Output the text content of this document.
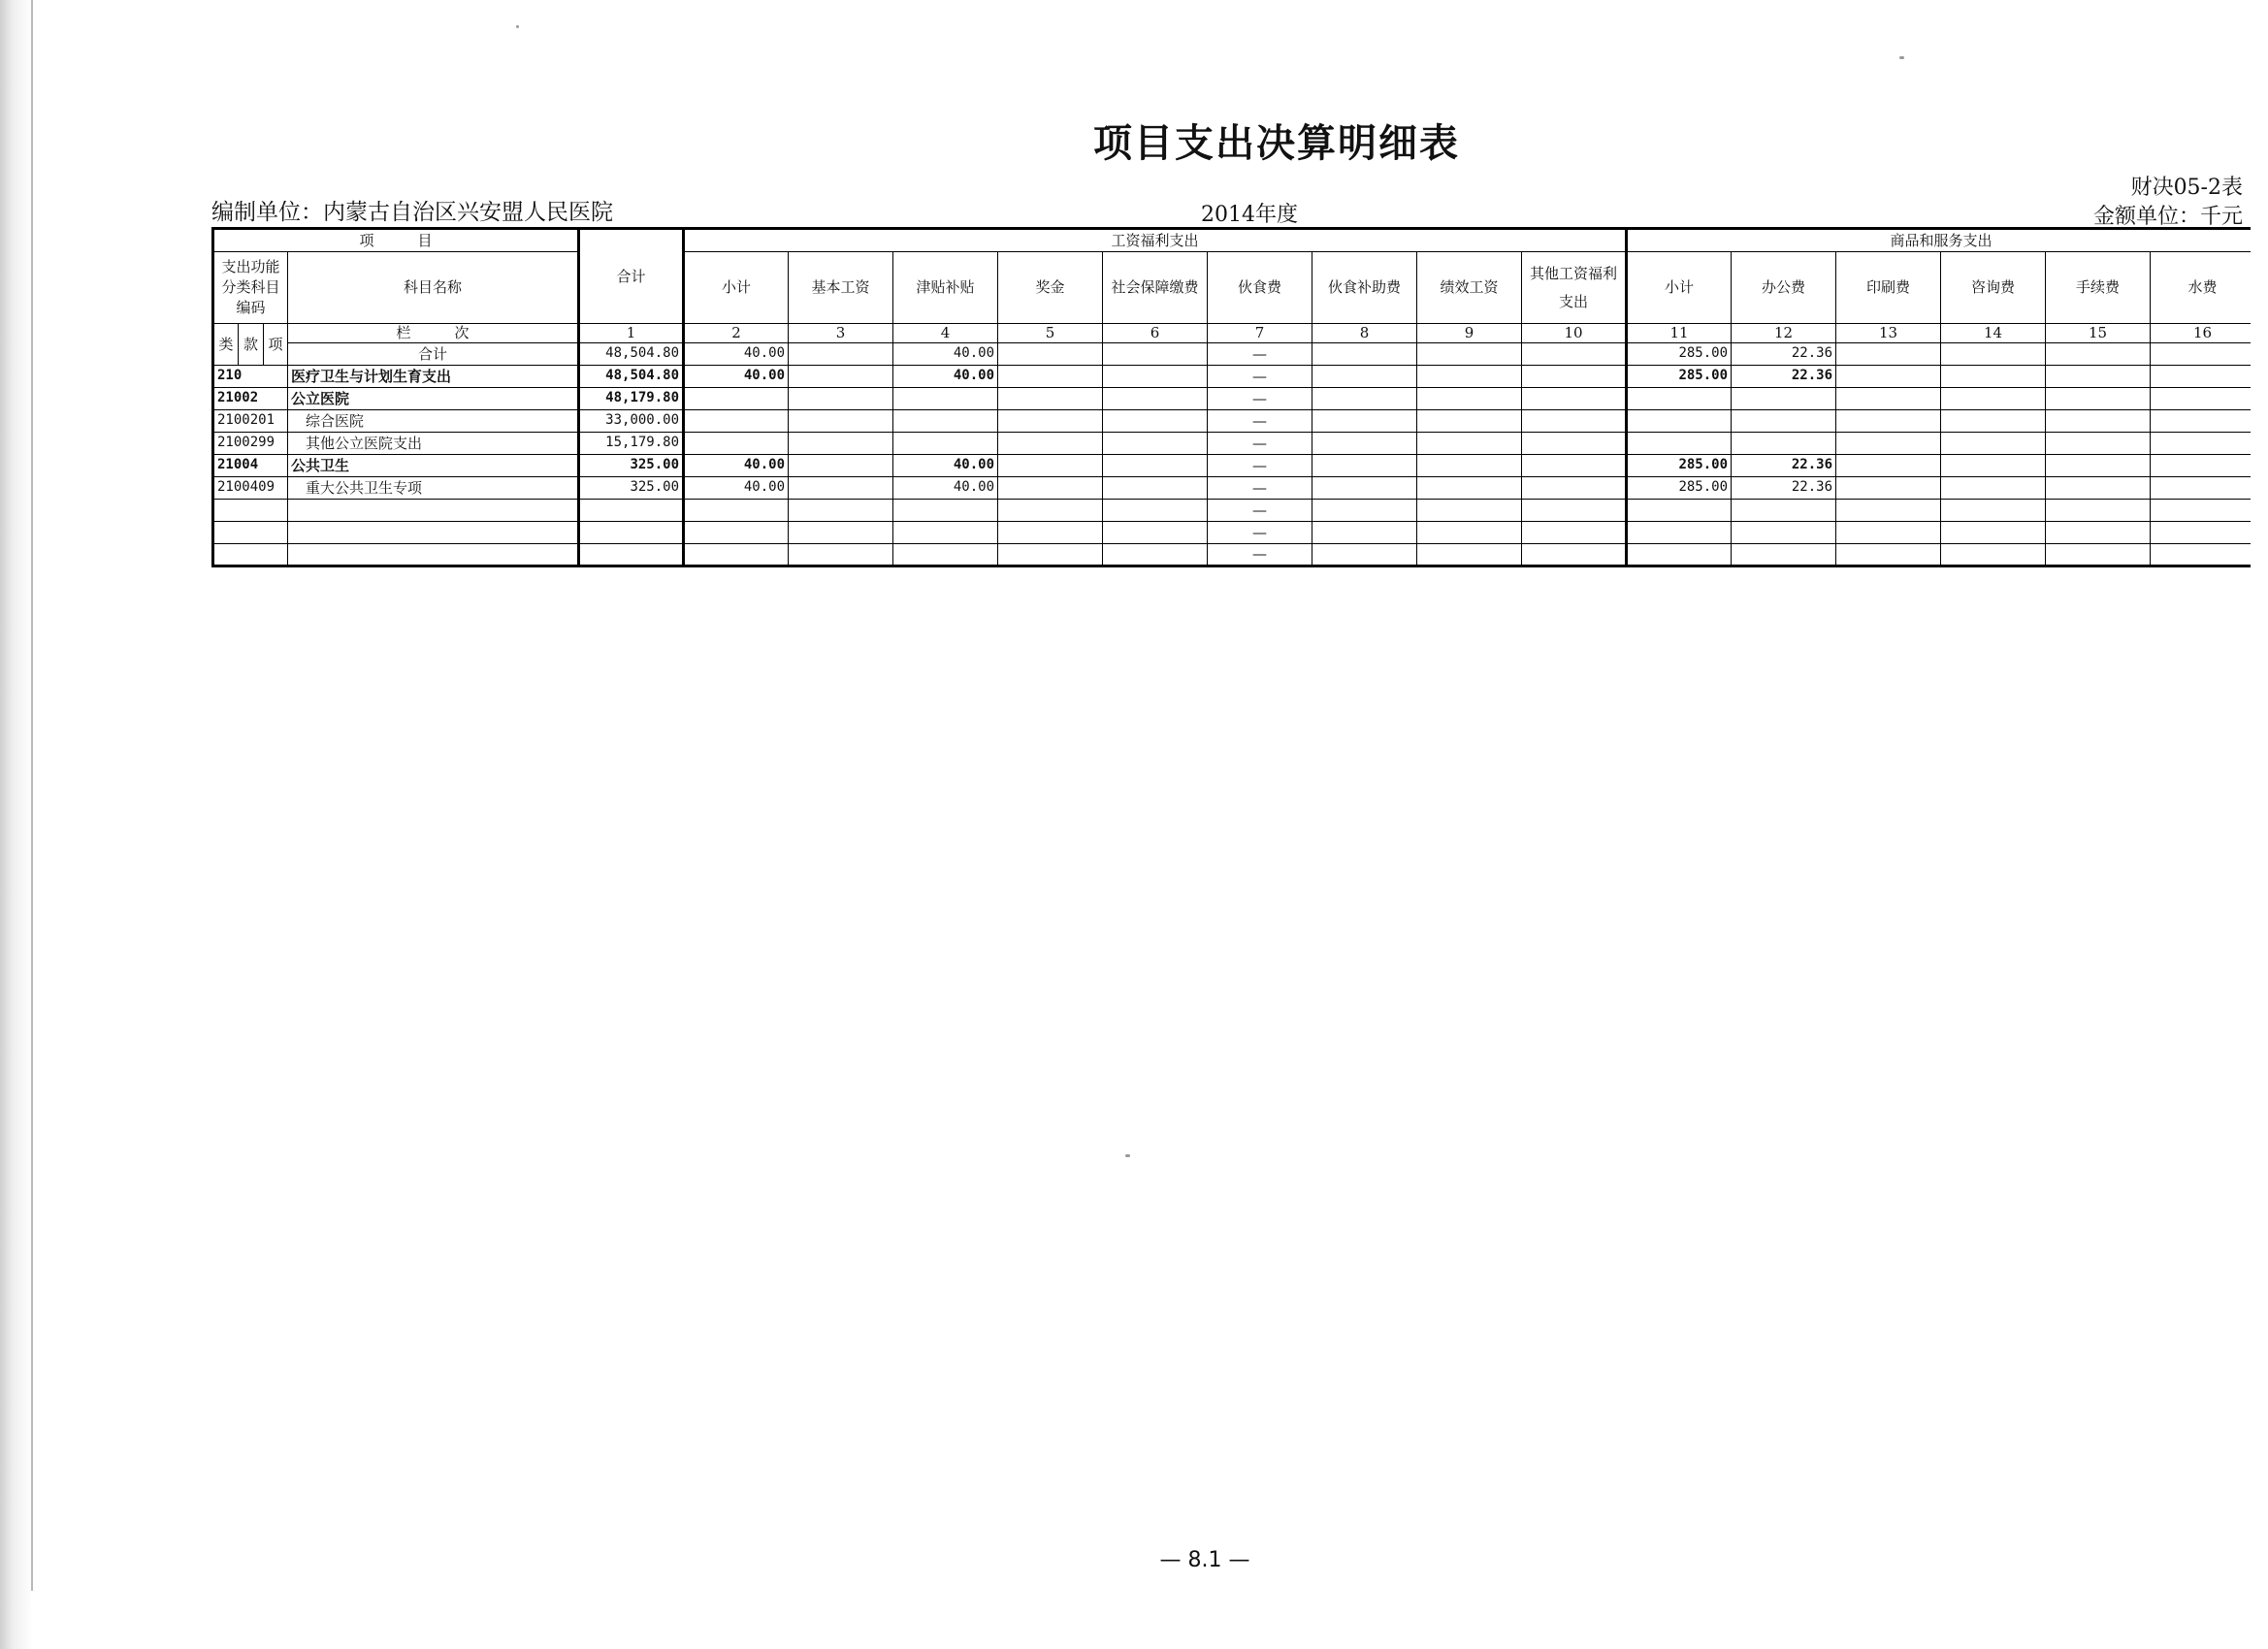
项目支出决算明细表
编制单位：内蒙古自治区兴安盟人民医院	2014年度
财决05-2表
金额单位：千元
项　　　目				合计	工资福利支出									商品和服务支出					
支出功能分类科目编码			科目名称		小计	基本工资	津贴补贴	奖金	社会保障缴费	伙食费	伙食补助费	绩效工资	其他工资福利支出	小计	办公费	印刷费	咨询费	手续费	水费

类	款	项	栏　　　次	1	2	3	4	5	6	7	8	9	10	11	12	13	14	15	16
			合计	48,504.80	40.00		40.00			—				285.00	22.36				
210			医疗卫生与计划生育支出	48,504.80	40.00		40.00			—				285.00	22.36				
21002			公立医院	48,179.80						—									
2100201			综合医院	33,000.00						—									
2100299			其他公立医院支出	15,179.80						—									
21004			公共卫生	325.00	40.00		40.00			—				285.00	22.36				
2100409			重大公共卫生专项	325.00	40.00		40.00			—				285.00	22.36				
										—									
										—									
										—									
— 8.1 —
